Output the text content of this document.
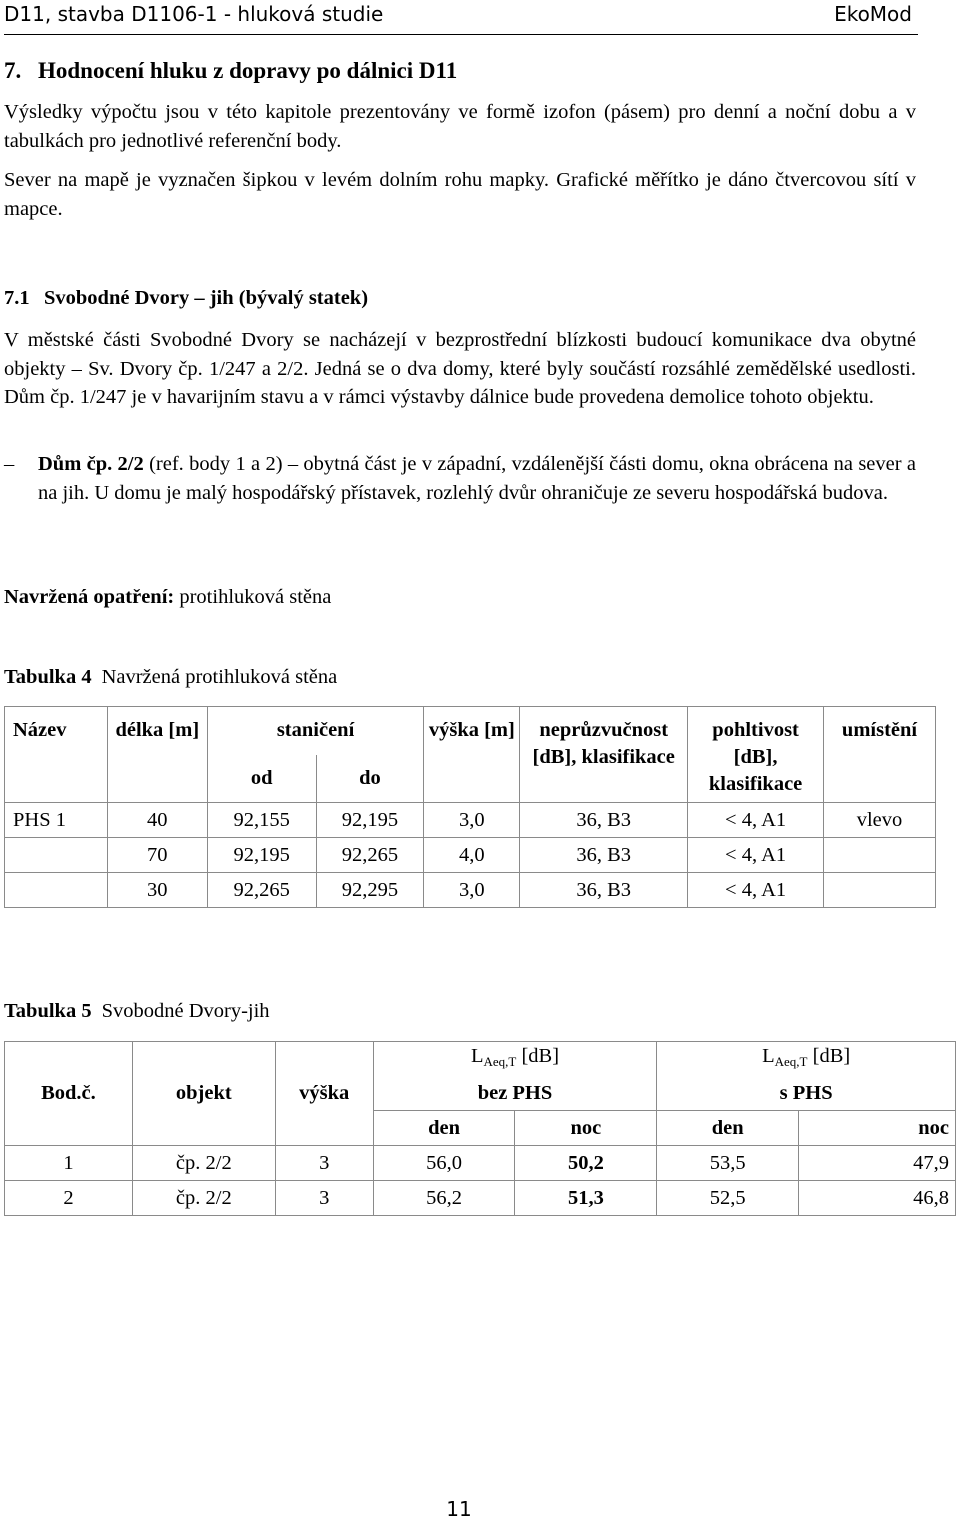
D11, stavba D1106-1 - hluková studie	EkoMod
7. Hodnocení hluku z dopravy po dálnici D11
Výsledky výpočtu jsou v této kapitole prezentovány ve formě izofon (pásem) pro denní a noční dobu a v tabulkách pro jednotlivé referenční body.
Sever na mapě je vyznačen šipkou v levém dolním rohu mapky. Grafické měřítko je dáno čtvercovou sítí v mapce.
7.1 Svobodné Dvory – jih (bývalý statek)
V městské části Svobodné Dvory se nacházejí v bezprostřední blízkosti budoucí komunikace dva obytné objekty – Sv. Dvory čp. 1/247 a 2/2. Jedná se o dva domy, které byly součástí rozsáhlé zemědělské usedlosti. Dům čp. 1/247 je v havarijním stavu a v rámci výstavby dálnice bude provedena demolice tohoto objektu.
– Dům čp. 2/2 (ref. body 1 a 2) – obytná část je v západní, vzdálenější části domu, okna obrácena na sever a na jih. U domu je malý hospodářský přístavek, rozlehlý dvůr ohraničuje ze severu hospodářská budova.
Navržená opatření: protihluková stěna
Tabulka 4 Navržená protihluková stěna
Název	délka [m]	staničení		výška [m]	neprůzvučnost [dB], klasifikace	pohltivost [dB], klasifikace	umístění
		od	do				
PHS 1	40	92,155	92,195	3,0	36, B3	< 4, A1	vlevo
	70	92,195	92,265	4,0	36, B3	< 4, A1	
	30	92,265	92,295	3,0	36, B3	< 4, A1	
Tabulka 5 Svobodné Dvory-jih
Bod.č.	objekt	výška	$L_{Aeq,T}$ [dB]		$L_{Aeq,T}$ [dB]	
			bez PHS		s PHS	
			den	noc	den	noc
1	čp. 2/2	3	56,0	50,2	53,5	47,9
2	čp. 2/2	3	56,2	51,3	52,5	46,8
11
